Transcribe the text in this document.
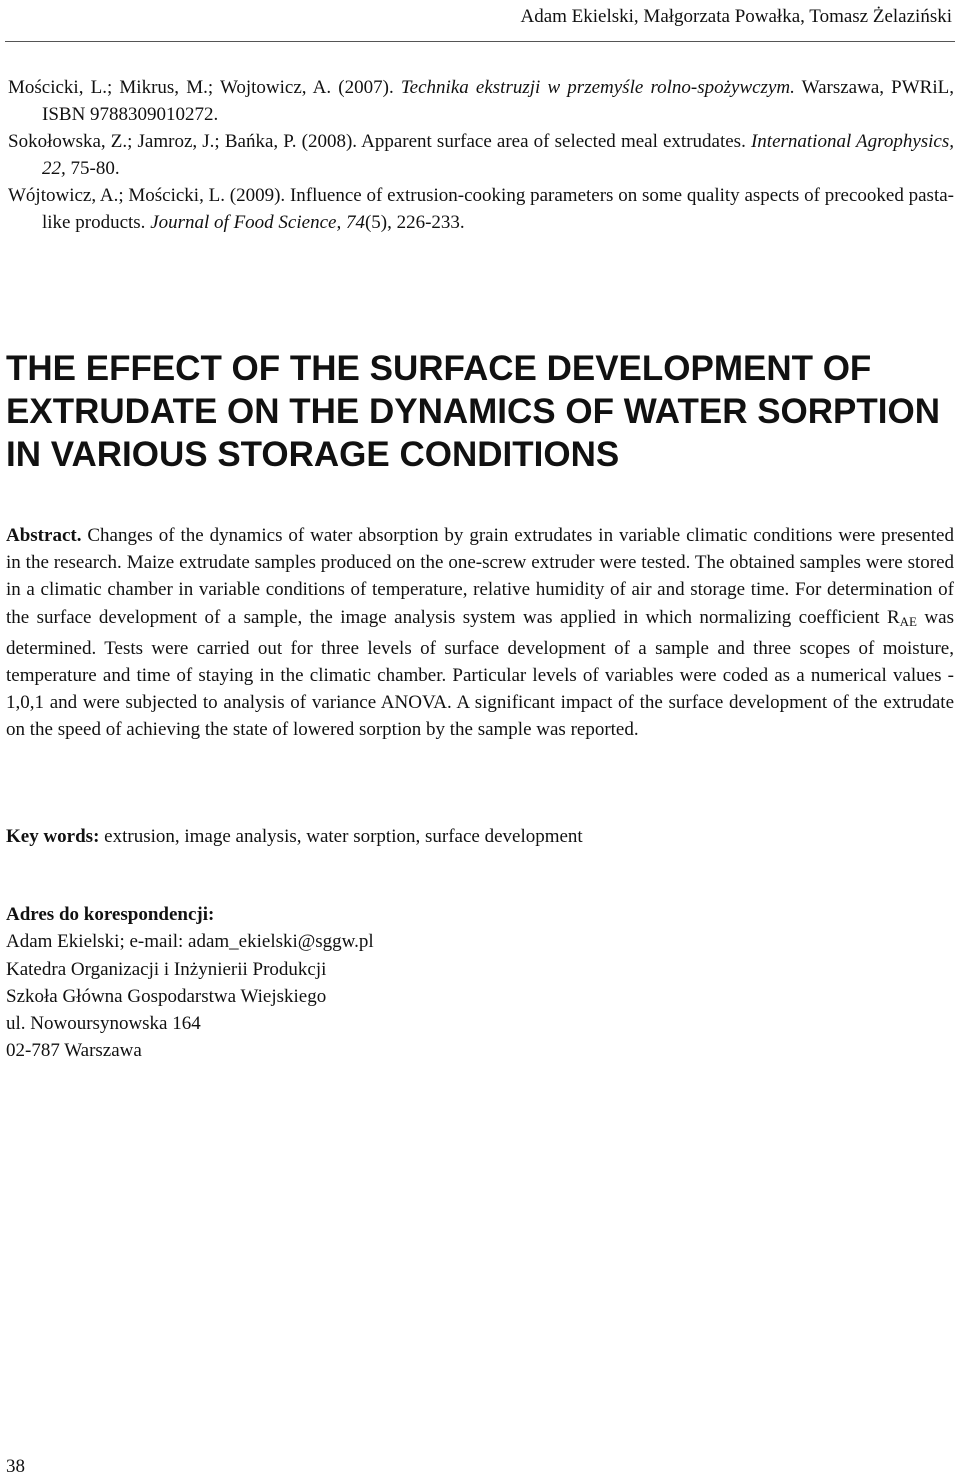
Adam Ekielski, Małgorzata Powałka, Tomasz Żelaziński
Mościcki, L.; Mikrus, M.; Wojtowicz, A. (2007). Technika ekstruzji w przemyśle rolno-spożywczym. Warszawa, PWRiL, ISBN 9788309010272.
Sokołowska, Z.; Jamroz, J.; Bańka, P. (2008). Apparent surface area of selected meal extrudates. International Agrophysics, 22, 75-80.
Wójtowicz, A.; Mościcki, L. (2009). Influence of extrusion-cooking parameters on some quality aspects of precooked pasta-like products. Journal of Food Science, 74(5), 226-233.
THE EFFECT OF THE SURFACE DEVELOPMENT OF EXTRUDATE ON THE DYNAMICS OF WATER SORPTION IN VARIOUS STORAGE CONDITIONS

Abstract. Changes of the dynamics of water absorption by grain extrudates in variable climatic conditions were presented in the research. Maize extrudate samples produced on the one-screw extruder were tested. The obtained samples were stored in a climatic chamber in variable conditions of temperature, relative humidity of air and storage time. For determination of the surface development of a sample, the image analysis system was applied in which normalizing coefficient $R_{AE}$ was determined. Tests were carried out for three levels of surface development of a sample and three scopes of moisture, temperature and time of staying in the climatic chamber. Particular levels of variables were coded as a numerical values - 1,0,1 and were subjected to analysis of variance ANOVA. A significant impact of the surface development of the extrudate on the speed of achieving the state of lowered sorption by the sample was reported.

Key words: extrusion, image analysis, water sorption, surface development

Adres do korespondencji:
Adam Ekielski; e-mail: adam_ekielski@sggw.pl
Katedra Organizacji i Inżynierii Produkcji
Szkoła Główna Gospodarstwa Wiejskiego
ul. Nowoursynowska 164
02-787 Warszawa
38
